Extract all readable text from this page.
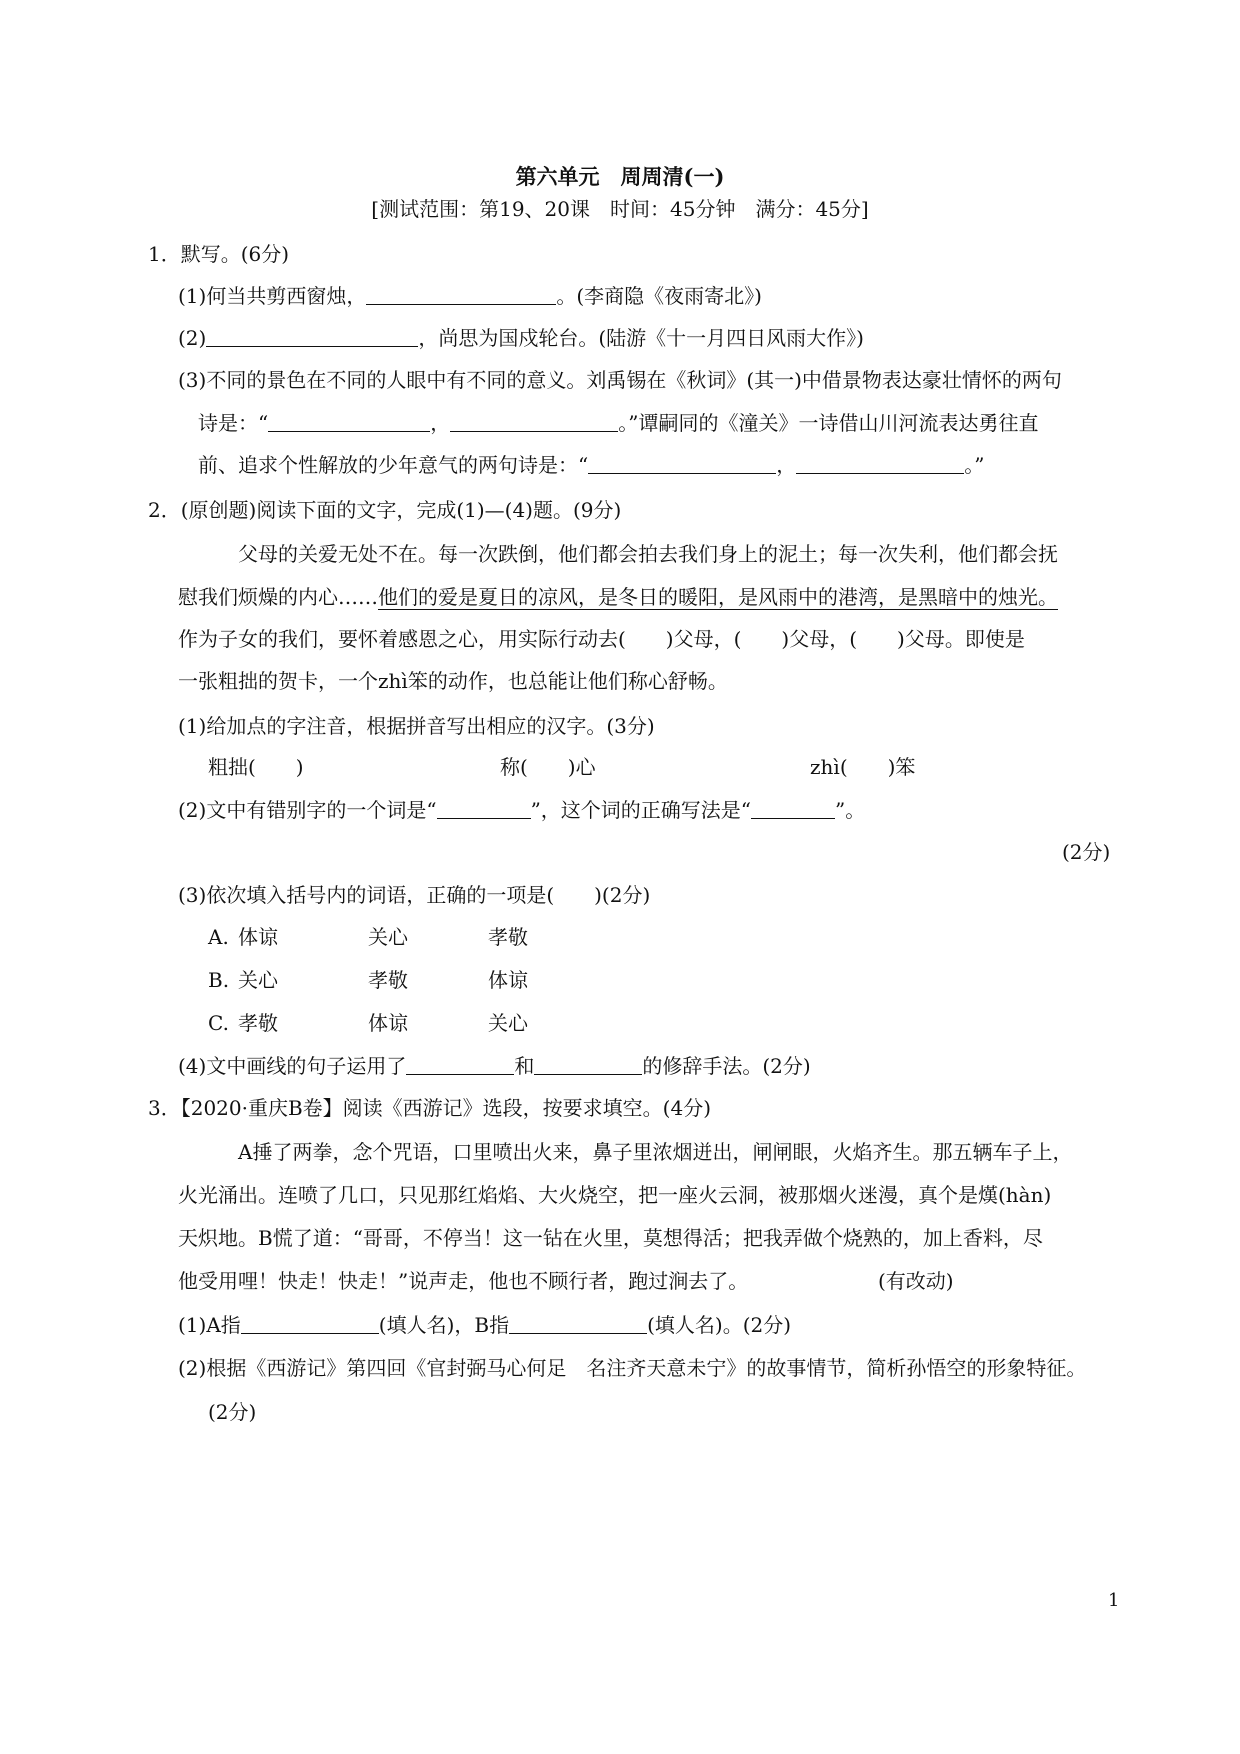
第六单元　周周清(一)
[测试范围：第19、20课　时间：45分钟　满分：45分]
1．默写。(6分)
(1)何当共剪西窗烛，	。(李商隐《夜雨寄北》)
(2)	，尚思为国戍轮台。(陆游《十一月四日风雨大作》)
(3)不同的景色在不同的人眼中有不同的意义。刘禹锡在《秋词》(其一)中借景物表达豪壮情怀的两句
诗是：“	，	。”谭嗣同的《潼关》一诗借山川河流表达勇往直
前、追求个性解放的少年意气的两句诗是：“	，	。”
2．(原创题)阅读下面的文字，完成(1)—(4)题。(9分)
父母的关爱无处不在。每一次跌倒，他们都会拍去我们身上的泥土；每一次失利，他们都会抚
慰我们烦燥的内心……他们的爱是夏日的凉风，是冬日的暖阳，是风雨中的港湾，是黑暗中的烛光。
作为子女的我们，要怀着感恩之心，用实际行动去(　　)父母，(　　)父母，(　　)父母。即使是
一张粗拙的贺卡，一个zhì笨的动作，也总能让他们称心舒畅。
(1)给加点的字注音，根据拼音写出相应的汉字。(3分)
粗拙(　　)	称(　　)心	zhì(　　)笨
(2)文中有错别字的一个词是“	”，这个词的正确写法是“	”。
(2分)
(3)依次填入括号内的词语，正确的一项是(　　)(2分)
A. 体谅	关心	孝敬
B. 关心	孝敬	体谅
C. 孝敬	体谅	关心
(4)文中画线的句子运用了	和	的修辞手法。(2分)
3．【2020·重庆B卷】阅读《西游记》选段，按要求填空。(4分)
A捶了两拳，念个咒语，口里喷出火来，鼻子里浓烟迸出，闸闸眼，火焰齐生。那五辆车子上，
火光涌出。连喷了几口，只见那红焰焰、大火烧空，把一座火云洞，被那烟火迷漫，真个是熯(hàn)
天炽地。B慌了道：“哥哥，不停当！这一钻在火里，莫想得活；把我弄做个烧熟的，加上香料，尽
他受用哩！快走！快走！”说声走，他也不顾行者，跑过涧去了。	(有改动)
(1)A指	(填人名)，B指	(填人名)。(2分)
(2)根据《西游记》第四回《官封弼马心何足　名注齐天意未宁》的故事情节，简析孙悟空的形象特征。
(2分)
1
